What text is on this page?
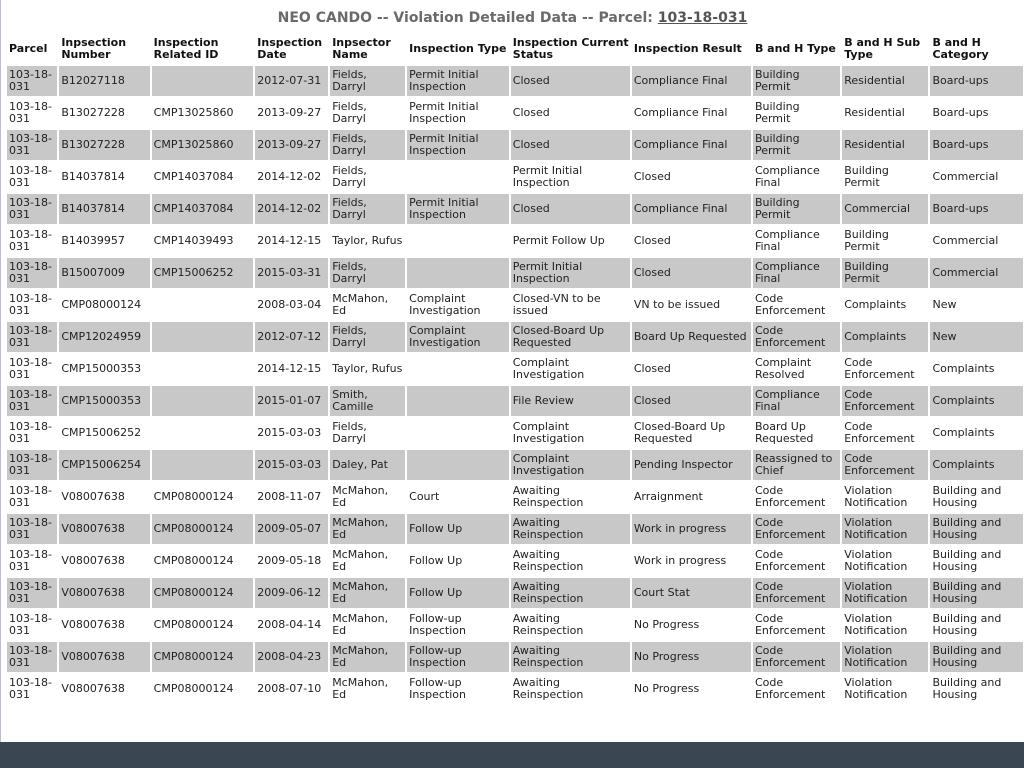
NEO CANDO -- Violation Detailed Data -- Parcel: 103-18-031
Parcel	Inpsection Number	Inspection Related ID	Inspection Date	Inpsector Name	Inspection Type	Inspection Current Status	Inspection Result	B and H Type	B and H Sub Type	B and H Category
103-18-031	B12027118		2012-07-31	Fields, Darryl	Permit Initial Inspection	Closed	Compliance Final	Building Permit	Residential	Board-ups
103-18-031	B13027228	CMP13025860	2013-09-27	Fields, Darryl	Permit Initial Inspection	Closed	Compliance Final	Building Permit	Residential	Board-ups
103-18-031	B13027228	CMP13025860	2013-09-27	Fields, Darryl	Permit Initial Inspection	Closed	Compliance Final	Building Permit	Residential	Board-ups
103-18-031	B14037814	CMP14037084	2014-12-02	Fields, Darryl		Permit Initial Inspection	Closed	Compliance Final	Building Permit	Commercial
103-18-031	B14037814	CMP14037084	2014-12-02	Fields, Darryl	Permit Initial Inspection	Closed	Compliance Final	Building Permit	Commercial	Board-ups
103-18-031	B14039957	CMP14039493	2014-12-15	Taylor, Rufus		Permit Follow Up	Closed	Compliance Final	Building Permit	Commercial
103-18-031	B15007009	CMP15006252	2015-03-31	Fields, Darryl		Permit Initial Inspection	Closed	Compliance Final	Building Permit	Commercial
103-18-031	CMP08000124		2008-03-04	McMahon, Ed	Complaint Investigation	Closed-VN to be issued	VN to be issued	Code Enforcement	Complaints	New
103-18-031	CMP12024959		2012-07-12	Fields, Darryl	Complaint Investigation	Closed-Board Up Requested	Board Up Requested	Code Enforcement	Complaints	New
103-18-031	CMP15000353		2014-12-15	Taylor, Rufus		Complaint Investigation	Closed	Complaint Resolved	Code Enforcement	Complaints
103-18-031	CMP15000353		2015-01-07	Smith, Camille		File Review	Closed	Compliance Final	Code Enforcement	Complaints
103-18-031	CMP15006252		2015-03-03	Fields, Darryl		Complaint Investigation	Closed-Board Up Requested	Board Up Requested	Code Enforcement	Complaints
103-18-031	CMP15006254		2015-03-03	Daley, Pat		Complaint Investigation	Pending Inspector	Reassigned to Chief	Code Enforcement	Complaints
103-18-031	V08007638	CMP08000124	2008-11-07	McMahon, Ed	Court	Awaiting Reinspection	Arraignment	Code Enforcement	Violation Notification	Building and Housing
103-18-031	V08007638	CMP08000124	2009-05-07	McMahon, Ed	Follow Up	Awaiting Reinspection	Work in progress	Code Enforcement	Violation Notification	Building and Housing
103-18-031	V08007638	CMP08000124	2009-05-18	McMahon, Ed	Follow Up	Awaiting Reinspection	Work in progress	Code Enforcement	Violation Notification	Building and Housing
103-18-031	V08007638	CMP08000124	2009-06-12	McMahon, Ed	Follow Up	Awaiting Reinspection	Court Stat	Code Enforcement	Violation Notification	Building and Housing
103-18-031	V08007638	CMP08000124	2008-04-14	McMahon, Ed	Follow-up Inspection	Awaiting Reinspection	No Progress	Code Enforcement	Violation Notification	Building and Housing
103-18-031	V08007638	CMP08000124	2008-04-23	McMahon, Ed	Follow-up Inspection	Awaiting Reinspection	No Progress	Code Enforcement	Violation Notification	Building and Housing
103-18-031	V08007638	CMP08000124	2008-07-10	McMahon, Ed	Follow-up Inspection	Awaiting Reinspection	No Progress	Code Enforcement	Violation Notification	Building and Housing
